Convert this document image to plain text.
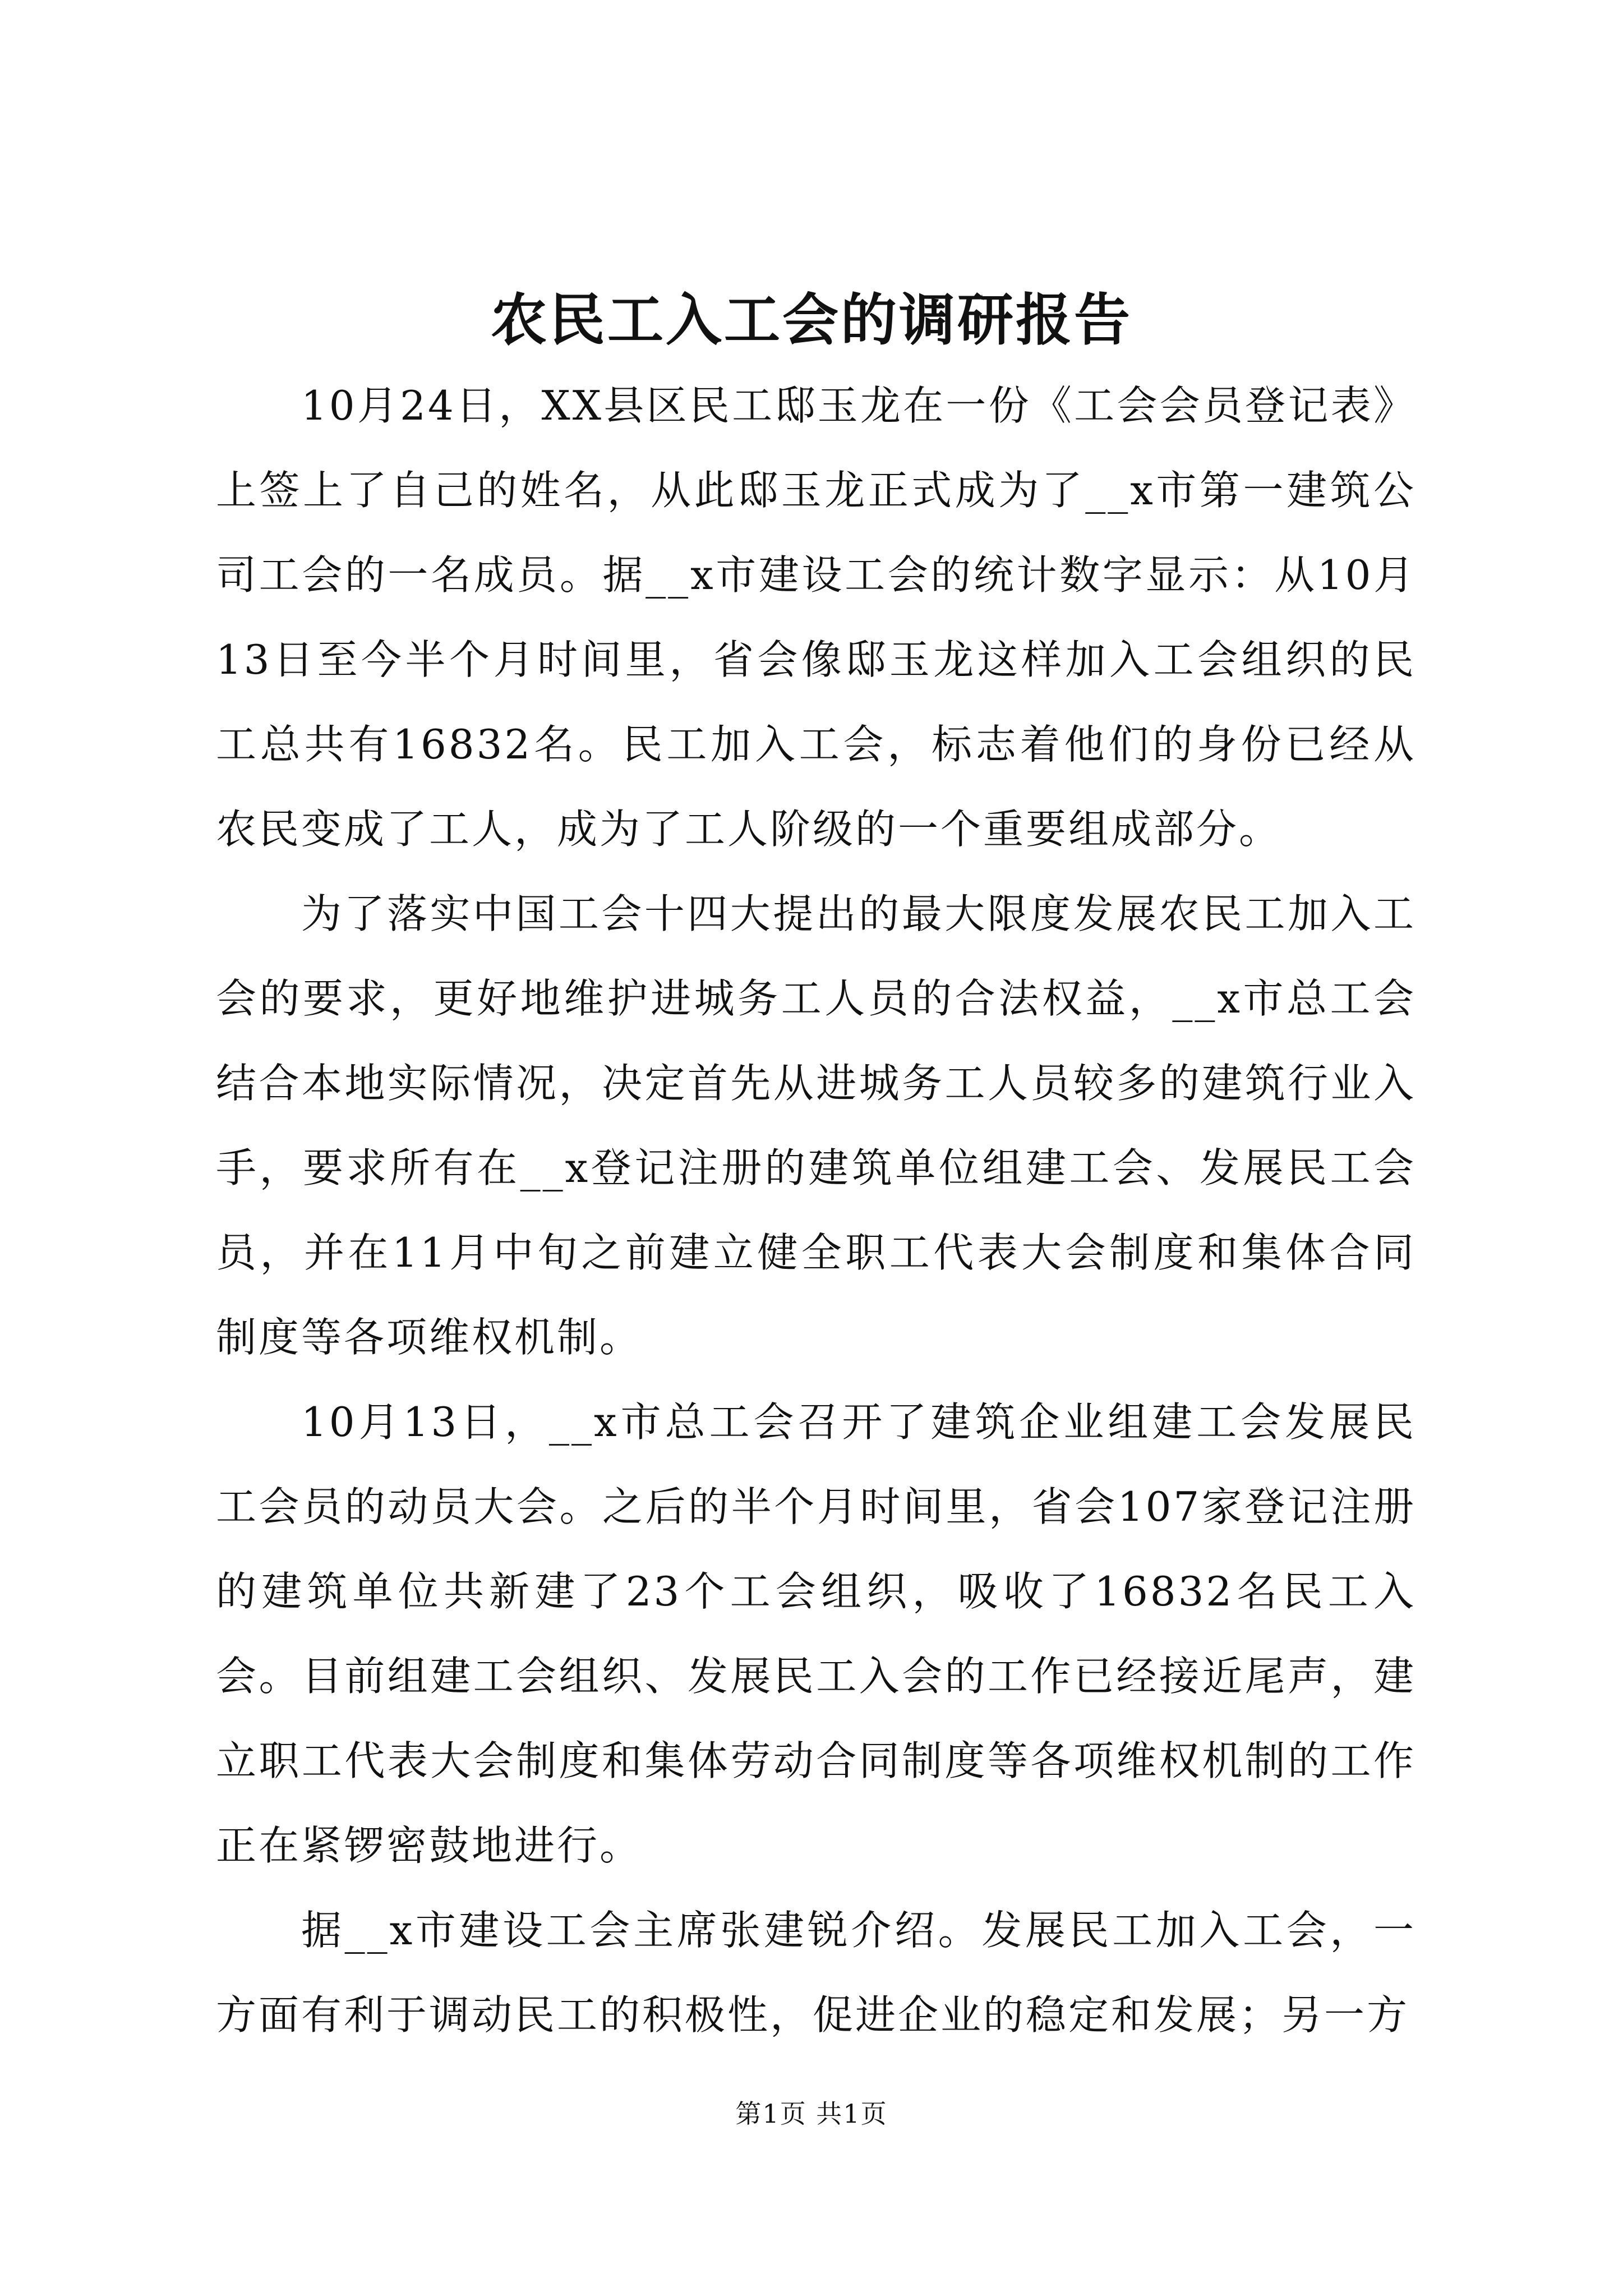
农民工入工会的调研报告

10月24日，XX县区民工邸玉龙在一份《工会会员登记表》上签上了自己的姓名，从此邸玉龙正式成为了__x市第一建筑公司工会的一名成员。据__x市建设工会的统计数字显示：从10月13日至今半个月时间里，省会像邸玉龙这样加入工会组织的民工总共有16832名。民工加入工会，标志着他们的身份已经从农民变成了工人，成为了工人阶级的一个重要组成部分。

为了落实中国工会十四大提出的最大限度发展农民工加入工会的要求，更好地维护进城务工人员的合法权益，__x市总工会结合本地实际情况，决定首先从进城务工人员较多的建筑行业入手，要求所有在__x登记注册的建筑单位组建工会、发展民工会员，并在11月中旬之前建立健全职工代表大会制度和集体合同制度等各项维权机制。

10月13日，__x市总工会召开了建筑企业组建工会发展民工会员的动员大会。之后的半个月时间里，省会107家登记注册的建筑单位共新建了23个工会组织，吸收了16832名民工入会。目前组建工会组织、发展民工入会的工作已经接近尾声，建立职工代表大会制度和集体劳动合同制度等各项维权机制的工作正在紧锣密鼓地进行。

据__x市建设工会主席张建锐介绍。发展民工加入工会，一方面有利于调动民工的积极性，促进企业的稳定和发展；另一方

第1页 共1页
